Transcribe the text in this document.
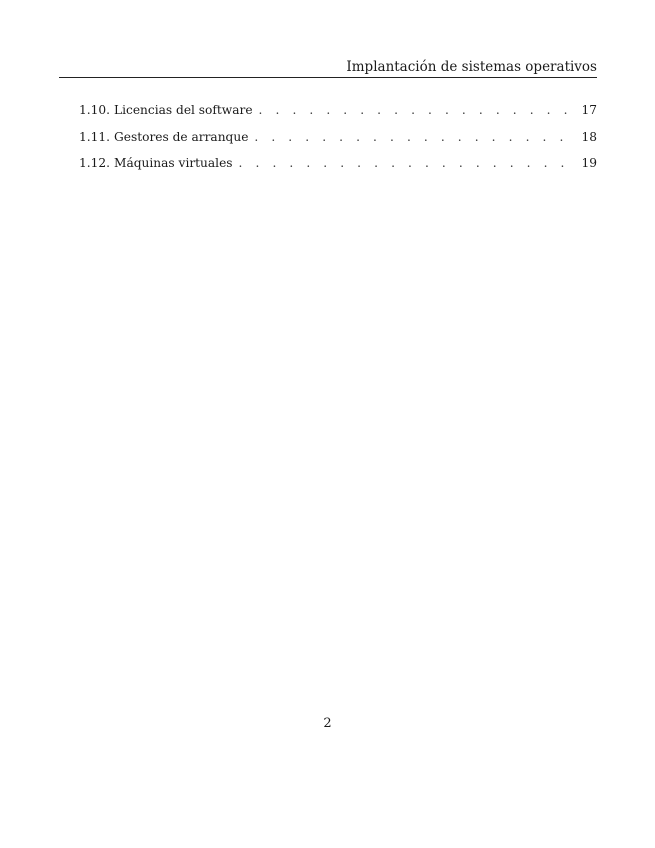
Implantación de sistemas operativos
1.10. Licencias del software . . .	17
1.11. Gestores de arranque . . .	18
1.12. Máquinas virtuales . . .	19
2
